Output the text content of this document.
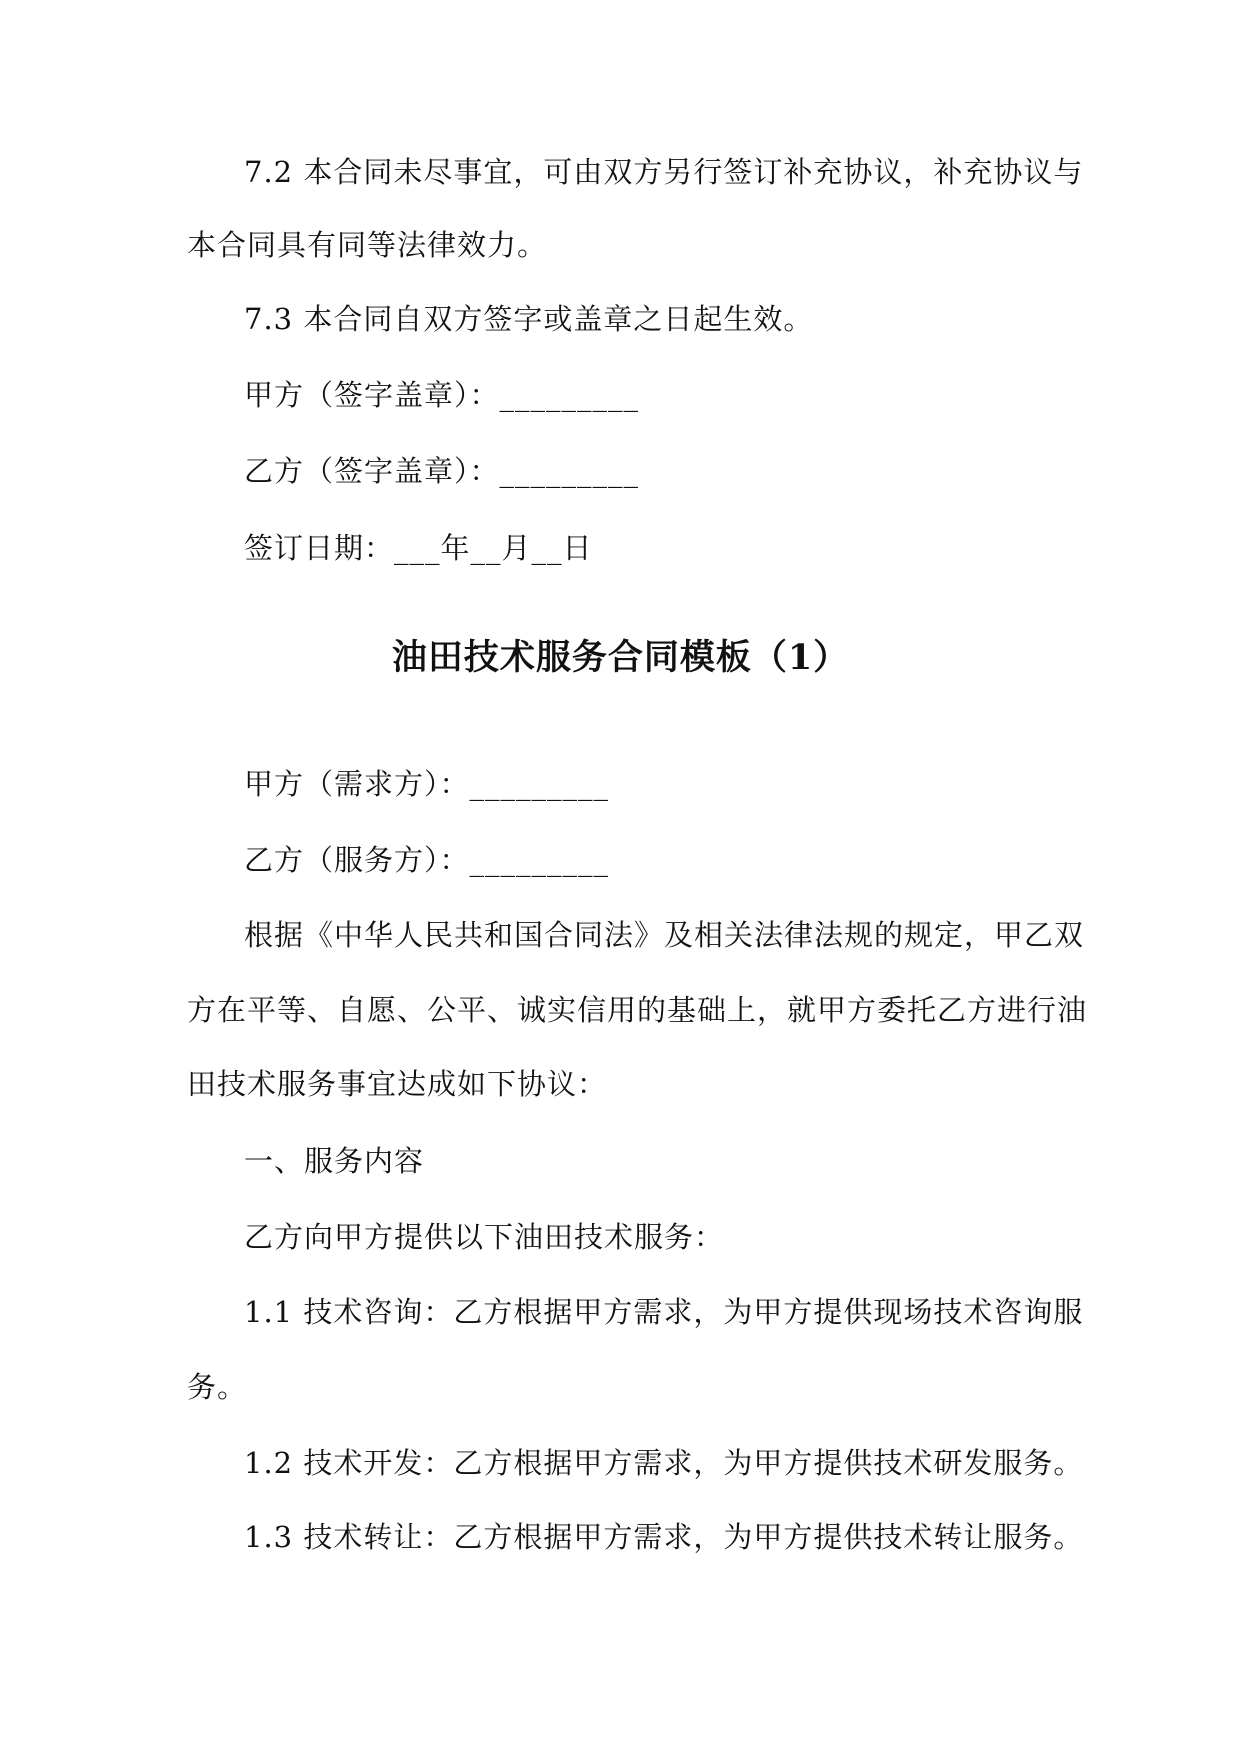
7.2 本合同未尽事宜，可由双方另行签订补充协议，补充协议与
本合同具有同等法律效力。
7.3 本合同自双方签字或盖章之日起生效。
甲方（签字盖章）：_________
乙方（签字盖章）：_________
签订日期：___年__月__日
油田技术服务合同模板（1）
甲方（需求方）：_________
乙方（服务方）：_________
根据《中华人民共和国合同法》及相关法律法规的规定，甲乙双
方在平等、自愿、公平、诚实信用的基础上，就甲方委托乙方进行油
田技术服务事宜达成如下协议：
一、服务内容
乙方向甲方提供以下油田技术服务：
1.1 技术咨询：乙方根据甲方需求，为甲方提供现场技术咨询服
务。
1.2 技术开发：乙方根据甲方需求，为甲方提供技术研发服务。
1.3 技术转让：乙方根据甲方需求，为甲方提供技术转让服务。
